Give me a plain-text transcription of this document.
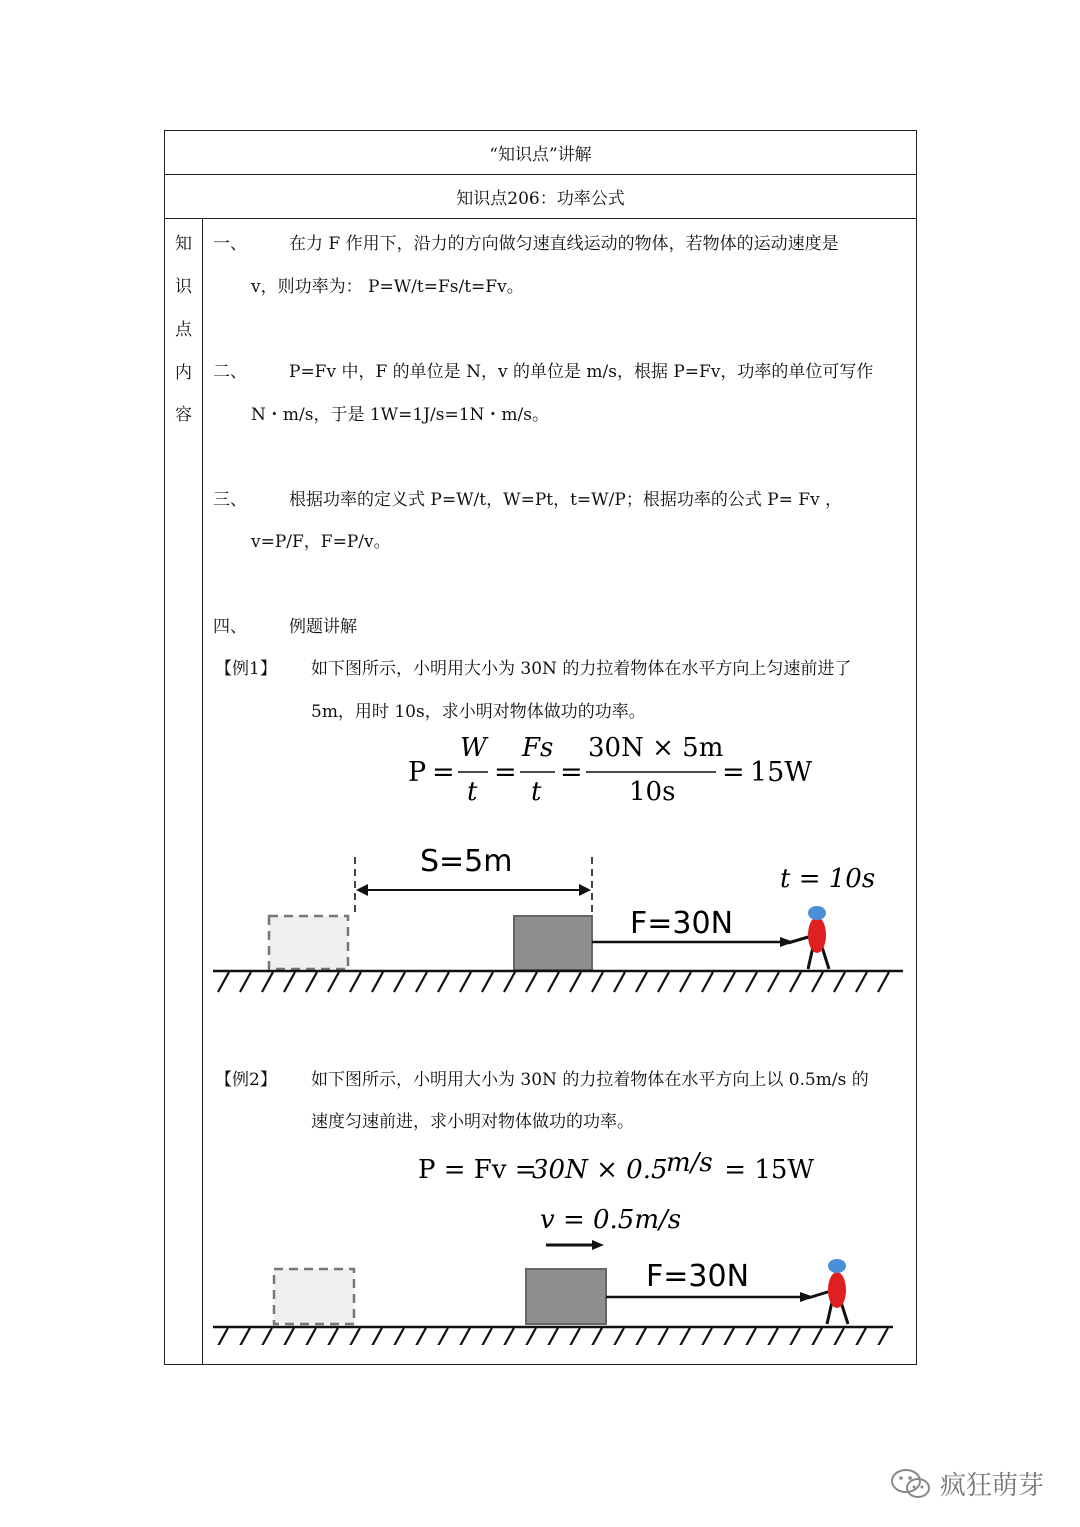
“知识点”讲解
知识点206：功率公式
知
识
点
内
容
一、 在力 F 作用下，沿力的方向做匀速直线运动的物体，若物体的运动速度是
v，则功率为： P=W/t=Fs/t=Fv。
二、 P=Fv 中，F 的单位是 N，v 的单位是 m/s，根据 P=Fv，功率的单位可写作
N・m/s，于是 1W=1J/s=1N・m/s。
三、 根据功率的定义式 P=W/t，W=Pt，t=W/P；根据功率的公式 P= Fv ，
v=P/F，F=P/v。
四、 例题讲解
【例1】 如下图所示，小明用大小为 30N 的力拉着物体在水平方向上匀速前进了
5m，用时 10s，求小明对物体做功的功率。
P =
W
t
=
Fs
t
=
30N × 5m
10s
= 15W
S=5m	t = 10s
F=30N
【例2】 如下图所示，小明用大小为 30N 的力拉着物体在水平方向上以 0.5m/s 的
速度匀速前进，求小明对物体做功的功率。
P = Fv =
30N × 0.5
m/s = 15W
v = 0.5m/s
F=30N
疯狂萌芽
